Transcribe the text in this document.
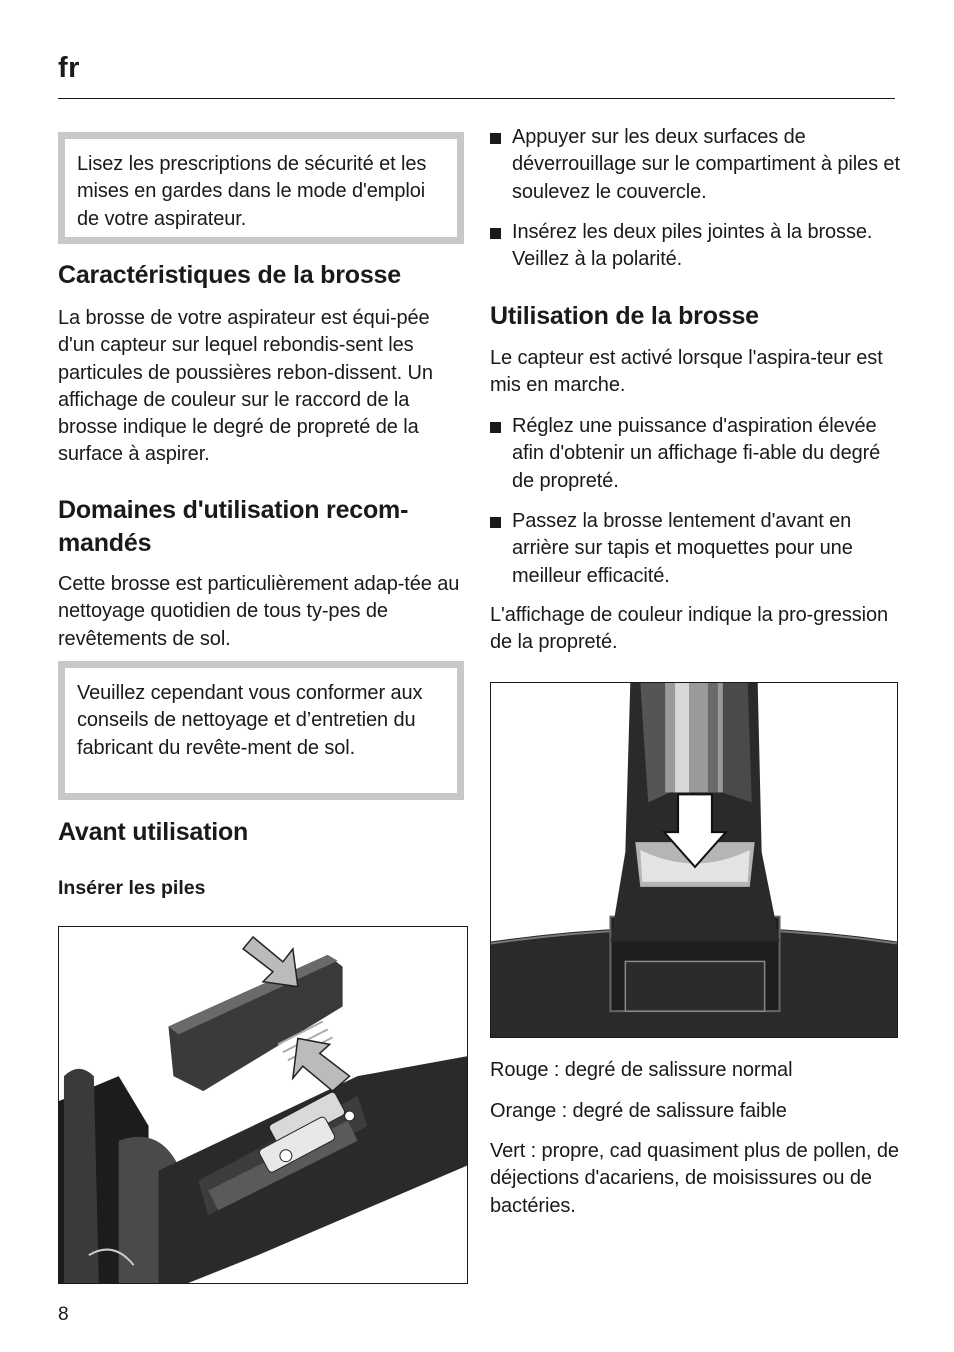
fr
Lisez les prescriptions de sécurité et les mises en gardes dans le mode d'emploi de votre aspirateur.
Caractéristiques de la brosse

La brosse de votre aspirateur est équi-pée d'un capteur sur lequel rebondis-sent les particules de poussières rebon-dissent. Un affichage de couleur sur le raccord de la brosse indique le degré de propreté de la surface à aspirer.

Domaines d'utilisation recom-mandés

Cette brosse est particulièrement adap-tée au nettoyage quotidien de tous ty-pes de revêtements de sol.

Veuillez cependant vous conformer aux conseils de nettoyage et d’entretien du fabricant du revête-ment de sol.
Avant utilisation
Insérer les piles
Appuyer sur les deux surfaces de déverrouillage sur le compartiment à piles et soulevez le couvercle.
Insérez les deux piles jointes à la brosse. Veillez à la polarité.
Utilisation de la brosse

Le capteur est activé lorsque l'aspira-teur est mis en marche.

Réglez une puissance d'aspiration élevée afin d'obtenir un affichage fi-able du degré de propreté.
Passez la brosse lentement d'avant en arrière sur tapis et moquettes pour une meilleur efficacité.

L'affichage de couleur indique la pro-gression de la propreté.

Rouge : degré de salissure normal

Orange : degré de salissure faible

Vert : propre, cad quasiment plus de pollen, de déjections d'acariens, de moisissures ou de bactéries.

8
